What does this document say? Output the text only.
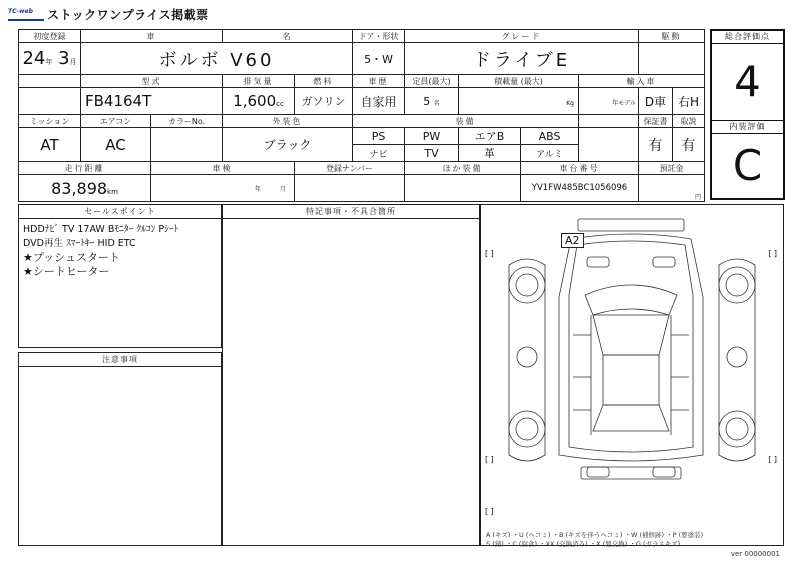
TC-web	ストックワンプライス掲載票
初度登録	車		名		ドア・形状	グレード				駆動	
24年 3月	ボルボ V60				5・W	ドライブE					
	型式		排気量	燃料	車歴	定員(最大)	積載量 (最大)		輸入車		
	FB4164T		1,600cc	ガソリン	自家用	5 名	Kg		年モデル	D車	右H
ミッション	エアコン	カラーNo.	外装色		装備					保証書	取説
AT	AC		ブラック		PS	PW	エアB	ABS		有	有
					ナビ	TV	革	アルミ			
走行距離		車検		登録ナンバー		ほか装備		車台番号		預託金	
83,898km		年 月						YV1FW485BC1056096		円	
総合評価点
4
内装評価
C
セールスポイント
HDDﾅﾋﾞ TV 17AW Bﾓﾆﾀｰ ｸﾙｺﾝ Pｼｰﾄ
DVD再生 ｽﾏｰﾄｷｰ HID ETC
★プッシュスタート
★シートヒーター
注意事項
特記事項・不具合箇所
A2
[ ]	[ ]
[ ]	[ ]
[ ]
A (キズ) ・U (ヘコミ) ・B (キズを伴うヘコミ) ・W (補修跡) ・P (要塗装)
S (錆) ・C (腐食) ・XX (交換済み) ・X (要交換) ・G (ガラスキズ)
ver 00000001
